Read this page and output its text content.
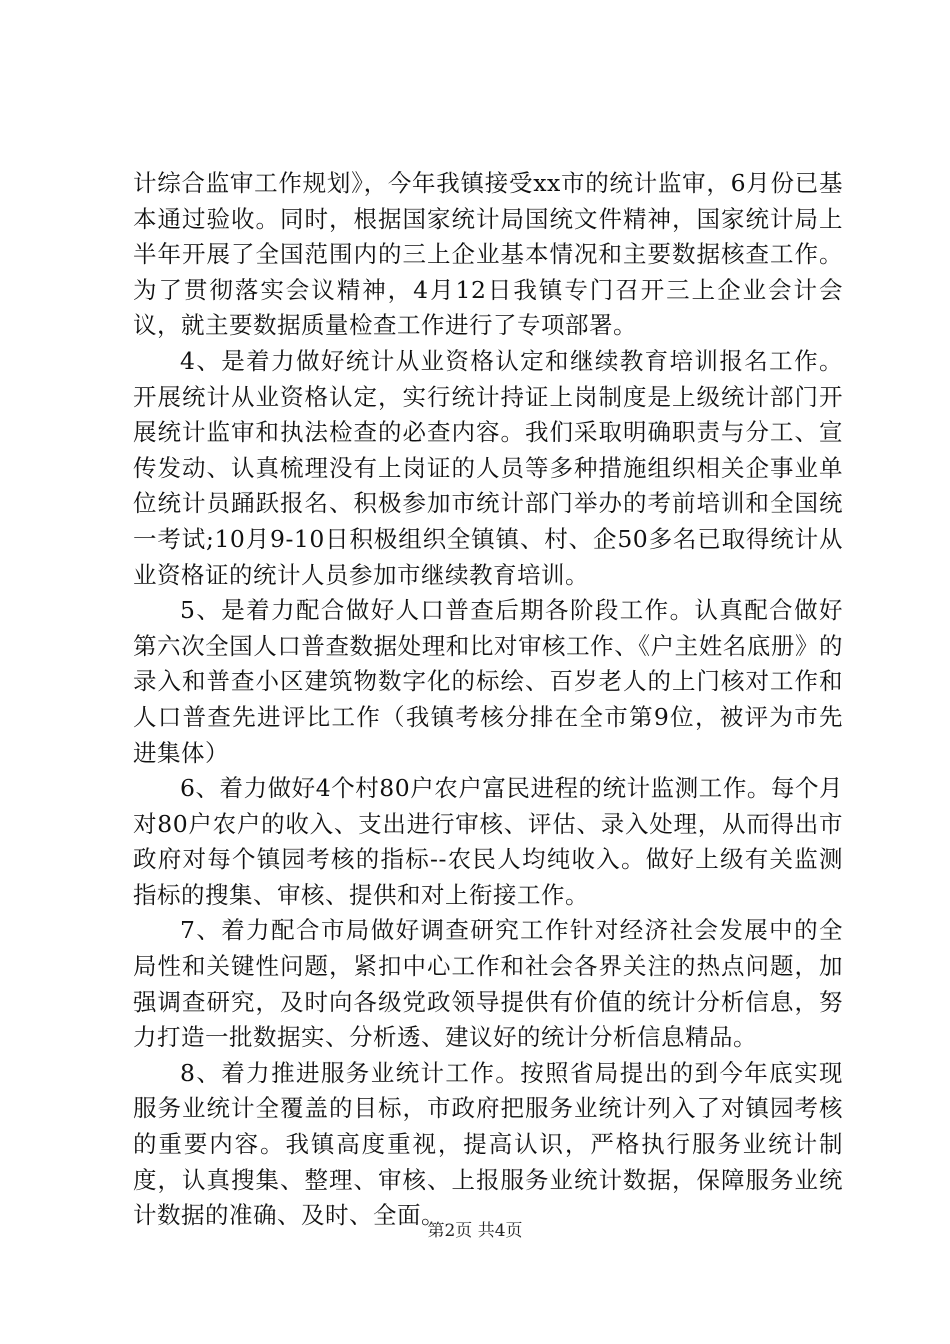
计综合监审工作规划》，今年我镇接受xx市的统计监审，6月份已基本通过验收。同时，根据国家统计局国统文件精神，国家统计局上半年开展了全国范围内的三上企业基本情况和主要数据核查工作。为了贯彻落实会议精神，4月12日我镇专门召开三上企业会计会议，就主要数据质量检查工作进行了专项部署。

4、是着力做好统计从业资格认定和继续教育培训报名工作。开展统计从业资格认定，实行统计持证上岗制度是上级统计部门开展统计监审和执法检查的必查内容。我们采取明确职责与分工、宣传发动、认真梳理没有上岗证的人员等多种措施组织相关企事业单位统计员踊跃报名、积极参加市统计部门举办的考前培训和全国统一考试;10月9-10日积极组织全镇镇、村、企50多名已取得统计从业资格证的统计人员参加市继续教育培训。

5、是着力配合做好人口普查后期各阶段工作。认真配合做好第六次全国人口普查数据处理和比对审核工作、《户主姓名底册》的录入和普查小区建筑物数字化的标绘、百岁老人的上门核对工作和人口普查先进评比工作（我镇考核分排在全市第9位，被评为市先进集体）

6、着力做好4个村80户农户富民进程的统计监测工作。每个月对80户农户的收入、支出进行审核、评估、录入处理，从而得出市政府对每个镇园考核的指标--农民人均纯收入。做好上级有关监测指标的搜集、审核、提供和对上衔接工作。

7、着力配合市局做好调查研究工作针对经济社会发展中的全局性和关键性问题，紧扣中心工作和社会各界关注的热点问题，加强调查研究，及时向各级党政领导提供有价值的统计分析信息，努力打造一批数据实、分析透、建议好的统计分析信息精品。

8、着力推进服务业统计工作。按照省局提出的到今年底实现服务业统计全覆盖的目标，市政府把服务业统计列入了对镇园考核的重要内容。我镇高度重视，提高认识，严格执行服务业统计制度，认真搜集、整理、审核、上报服务业统计数据，保障服务业统计数据的准确、及时、全面。

第2页 共4页
